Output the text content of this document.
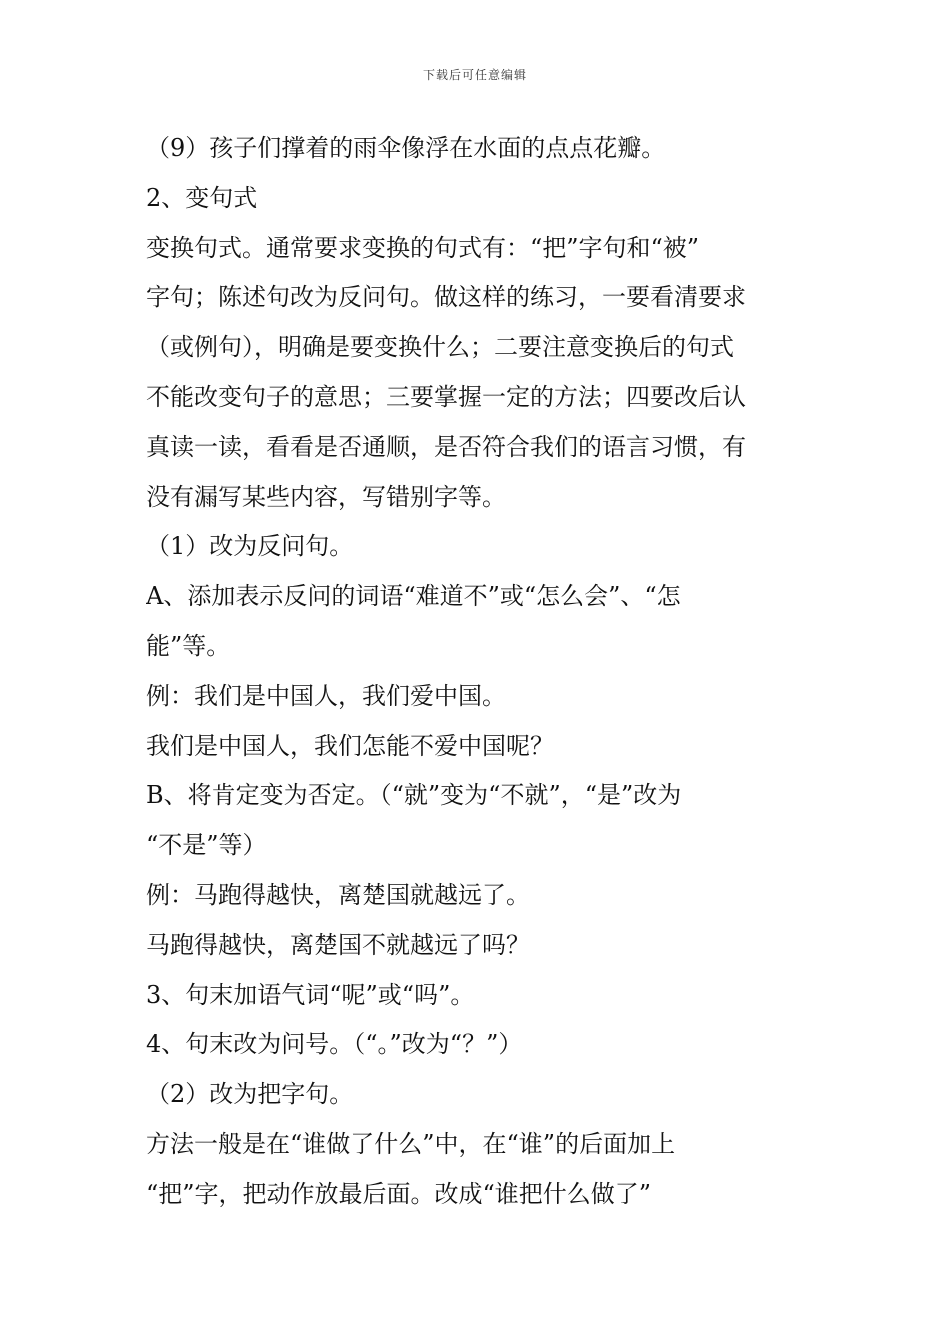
下载后可任意编辑
（9）孩子们撑着的雨伞像浮在水面的点点花瓣。
2、变句式
变换句式。通常要求变换的句式有：“把”字句和“被”
字句；陈述句改为反问句。做这样的练习，一要看清要求
（或例句），明确是要变换什么；二要注意变换后的句式
不能改变句子的意思；三要掌握一定的方法；四要改后认
真读一读，看看是否通顺，是否符合我们的语言习惯，有
没有漏写某些内容，写错别字等。
（1）改为反问句。
A、添加表示反问的词语“难道不”或“怎么会”、“怎
能”等。
例：我们是中国人，我们爱中国。
我们是中国人，我们怎能不爱中国呢？
B、将肯定变为否定。（“就”变为“不就”，“是”改为
“不是”等）
例：马跑得越快，离楚国就越远了。
马跑得越快，离楚国不就越远了吗？
3、句末加语气词“呢”或“吗”。
4、句末改为问号。（“。”改为“？”）
（2）改为把字句。
方法一般是在“谁做了什么”中，在“谁”的后面加上
“把”字，把动作放最后面。改成“谁把什么做了”
